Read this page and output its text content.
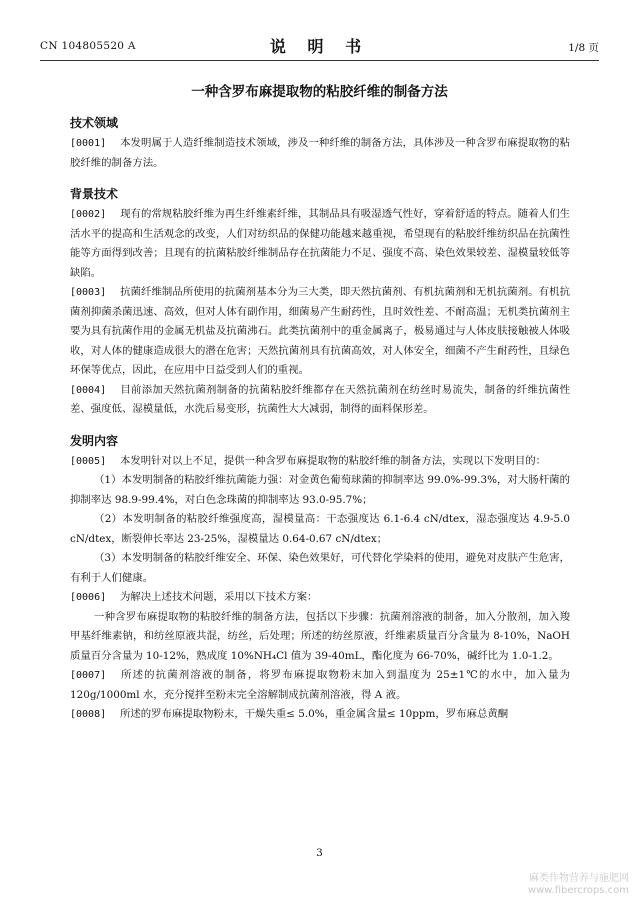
CN 104805520 A	说 明 书	1/8 页
一种含罗布麻提取物的粘胶纤维的制备方法
技术领域

[0001] 本发明属于人造纤维制造技术领域，涉及一种纤维的制备方法，具体涉及一种含罗布麻提取物的粘胶纤维的制备方法。

背景技术

[0002] 现有的常规粘胶纤维为再生纤维素纤维，其制品具有吸湿透气性好，穿着舒适的特点。随着人们生活水平的提高和生活观念的改变，人们对纺织品的保健功能越来越重视，希望现有的粘胶纤维纺织品在抗菌性能等方面得到改善；且现有的抗菌粘胶纤维制品存在抗菌能力不足、强度不高、染色效果较差、湿模量较低等缺陷。

[0003] 抗菌纤维制品所使用的抗菌剂基本分为三大类，即天然抗菌剂、有机抗菌剂和无机抗菌剂。有机抗菌剂抑菌杀菌迅速、高效，但对人体有副作用，细菌易产生耐药性，且时效性差、不耐高温；无机类抗菌剂主要为具有抗菌作用的金属无机盐及抗菌沸石。此类抗菌剂中的重金属离子，极易通过与人体皮肤接触被人体吸收，对人体的健康造成很大的潜在危害；天然抗菌剂具有抗菌高效，对人体安全，细菌不产生耐药性，且绿色环保等优点，因此，在应用中日益受到人们的重视。

[0004] 目前添加天然抗菌剂制备的抗菌粘胶纤维都存在天然抗菌剂在纺丝时易流失，制备的纤维抗菌性差、强度低、湿模量低，水洗后易变形，抗菌性大大减弱，制得的面料保形差。

发明内容

[0005] 本发明针对以上不足，提供一种含罗布麻提取物的粘胶纤维的制备方法，实现以下发明目的：

（1）本发明制备的粘胶纤维抗菌能力强：对金黄色葡萄球菌的抑制率达 99.0%-99.3%，对大肠杆菌的抑制率达 98.9-99.4%，对白色念珠菌的抑制率达 93.0-95.7%；

（2）本发明制备的粘胶纤维强度高，湿模量高：干态强度达 6.1-6.4 cN/dtex，湿态强度达 4.9-5.0 cN/dtex，断裂伸长率达 23-25%，湿模量达 0.64-0.67 cN/dtex；

（3）本发明制备的粘胶纤维安全、环保、染色效果好，可代替化学染料的使用，避免对皮肤产生危害，有利于人们健康。

[0006] 为解决上述技术问题，采用以下技术方案：

一种含罗布麻提取物的粘胶纤维的制备方法，包括以下步骤：抗菌剂溶液的制备，加入分散剂，加入羧甲基纤维素钠，和纺丝原液共混，纺丝，后处理；所述的纺丝原液，纤维素质量百分含量为 8-10%，NaOH 质量百分含量为 10-12%，熟成度 10%NH₄Cl 值为 39-40mL，酯化度为 66-70%，碱纤比为 1.0-1.2。

[0007] 所述的抗菌剂溶液的制备，将罗布麻提取物粉末加入到温度为 25±1℃的水中，加入量为 120g/1000ml 水，充分搅拌至粉末完全溶解制成抗菌剂溶液，得 A 液。

[0008] 所述的罗布麻提取物粉末，干燥失重≤ 5.0%，重金属含量≤ 10ppm，罗布麻总黄酮

3
麻类作物营养与施肥网
www.fibercrops.com
